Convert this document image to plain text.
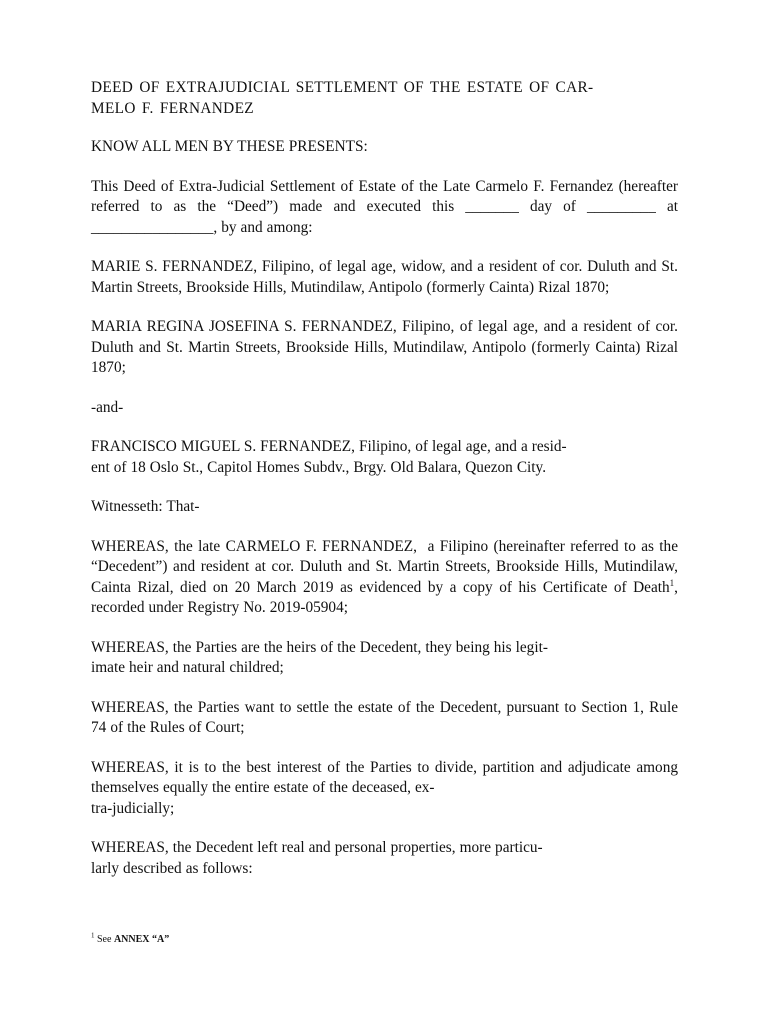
DEED OF EXTRAJUDICIAL SETTLEMENT OF THE ESTATE OF CAR-
MELO F. FERNANDEZ

KNOW ALL MEN BY THESE PRESENTS:

This Deed of Extra-Judicial Settlement of Estate of the Late Carmelo F. Fernandez (hereafter referred to as the “Deed”) made and executed this _______ day of _________ at ________________, by and among:

MARIE S. FERNANDEZ, Filipino, of legal age, widow, and a resident of cor. Duluth and St. Martin Streets, Brookside Hills, Mutindilaw, Antipolo (formerly Cainta) Rizal 1870;

MARIA REGINA JOSEFINA S. FERNANDEZ, Filipino, of legal age, and a resident of cor. Duluth and St. Martin Streets, Brookside Hills, Mutindilaw, Antipolo (formerly Cainta) Rizal 1870;

-and-

FRANCISCO MIGUEL S. FERNANDEZ, Filipino, of legal age, and a resid-
ent of 18 Oslo St., Capitol Homes Subdv., Brgy. Old Balara, Quezon City.

Witnesseth: That-

WHEREAS, the late CARMELO F. FERNANDEZ,  a Filipino (hereinafter referred to as the “Decedent”) and resident at cor. Duluth and St. Martin Streets, Brookside Hills, Mutindilaw, Cainta Rizal, died on 20 March 2019 as evidenced by a copy of his Certificate of Death$^1$, recorded under Registry No. 2019-05904;

WHEREAS, the Parties are the heirs of the Decedent, they being his legit-
imate heir and natural childred;

WHEREAS, the Parties want to settle the estate of the Decedent, pursuant to Section 1, Rule 74 of the Rules of Court;

WHEREAS, it is to the best interest of the Parties to divide, partition and adjudicate among themselves equally the entire estate of the deceased, ex-
tra-judicially;

WHEREAS, the Decedent left real and personal properties, more particu-
larly described as follows:

$^1$ See ANNEX “A”
